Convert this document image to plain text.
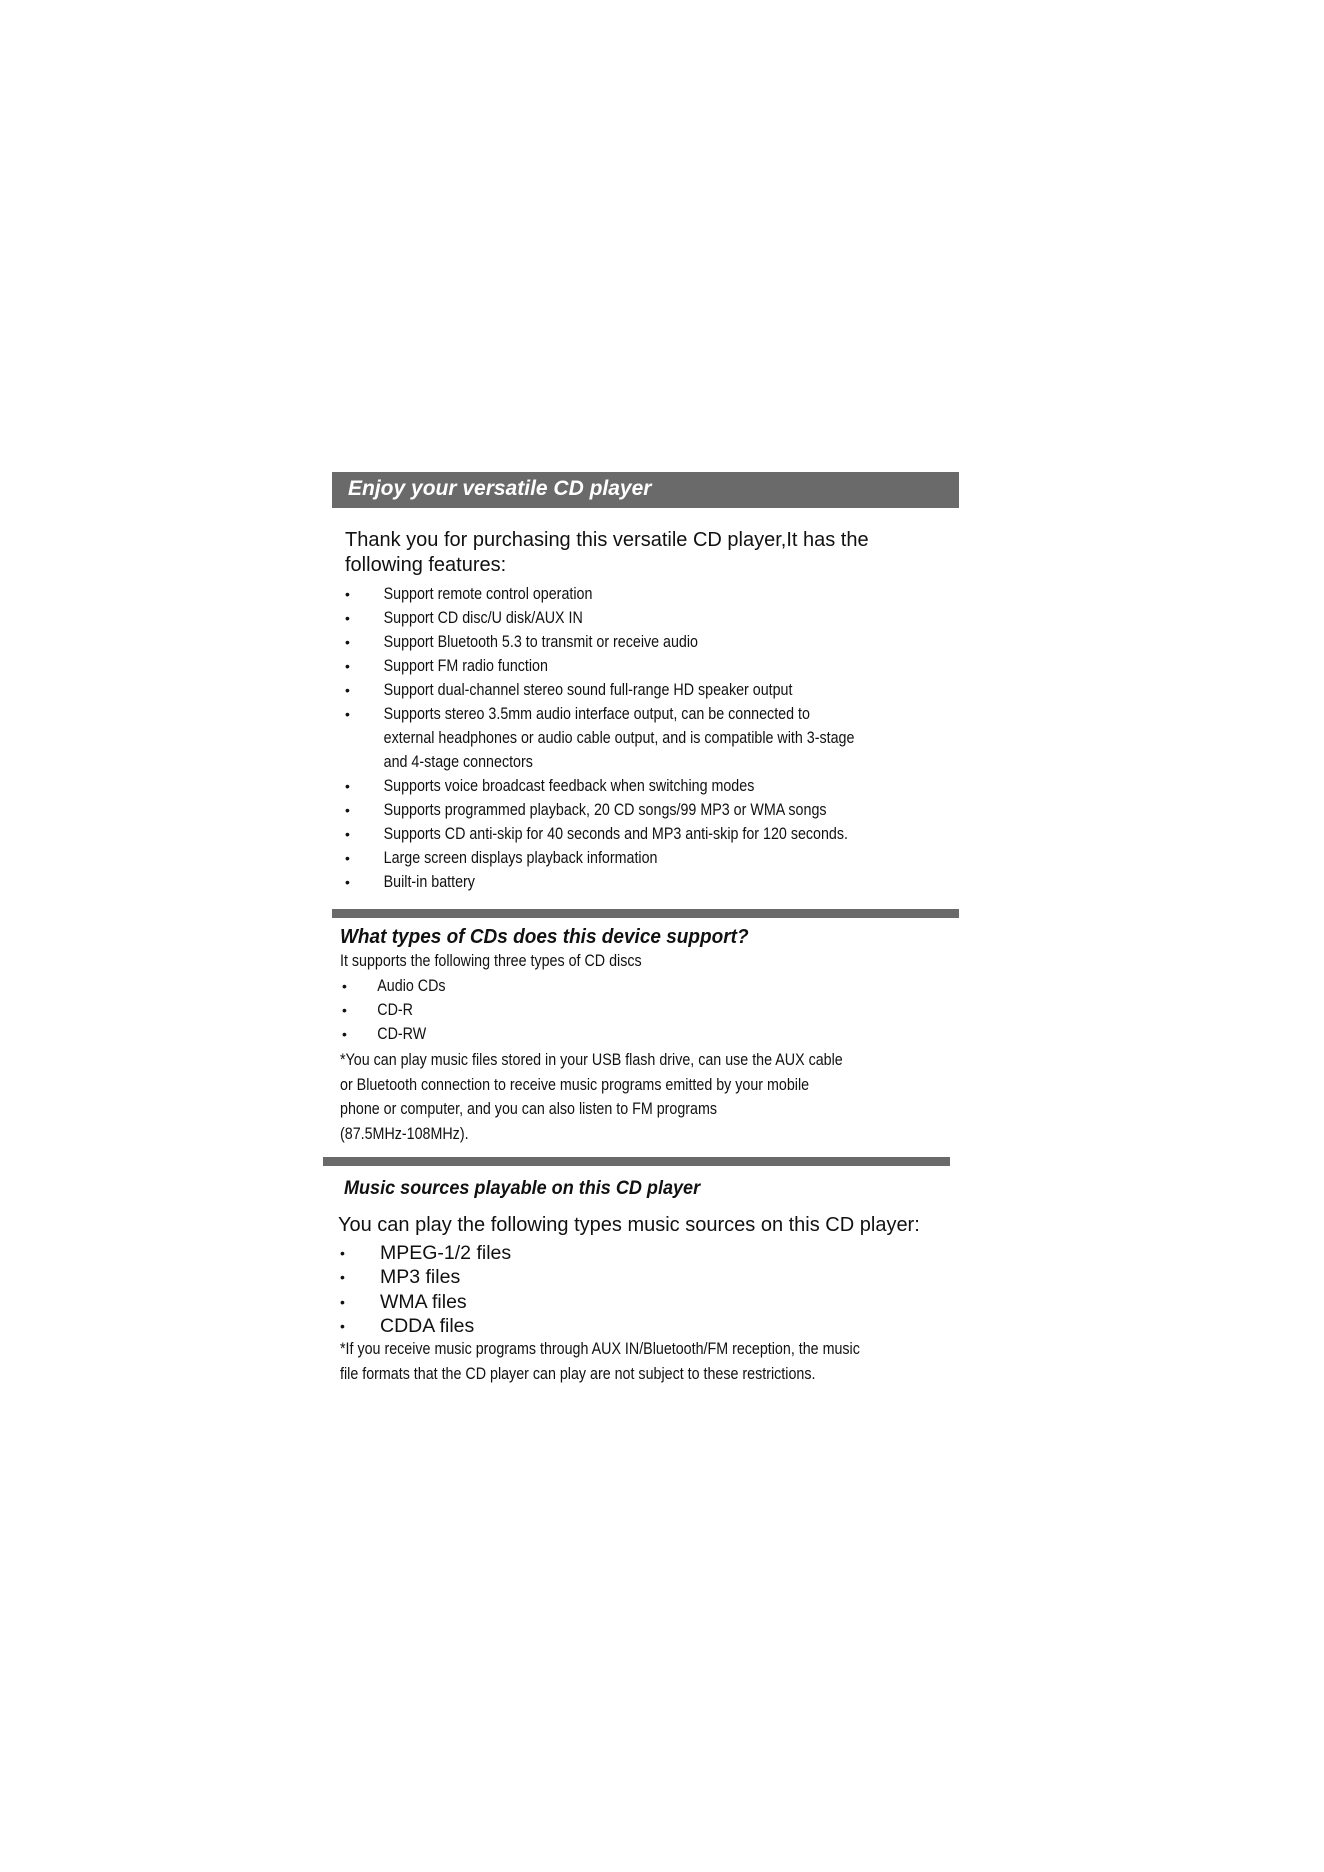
Enjoy your versatile CD player
Thank you for purchasing this versatile CD player,It has the following features:
• Support remote control operation
• Support CD disc/U disk/AUX IN
• Support Bluetooth 5.3 to transmit or receive audio
• Support FM radio function
• Support dual-channel stereo sound full-range HD speaker output
• Supports stereo 3.5mm audio interface output, can be connected to
external headphones or audio cable output, and is compatible with 3-stage
and 4-stage connectors
• Supports voice broadcast feedback when switching modes
• Supports programmed playback, 20 CD songs/99 MP3 or WMA songs
• Supports CD anti-skip for 40 seconds and MP3 anti-skip for 120 seconds.
• Large screen displays playback information
• Built-in battery
What types of CDs does this device support?

It supports the following three types of CD discs

• Audio CDs
• CD-R
• CD-RW
*You can play music files stored in your USB flash drive, can use the AUX cable
or Bluetooth connection to receive music programs emitted by your mobile
phone or computer, and you can also listen to FM programs
(87.5MHz-108MHz).
Music sources playable on this CD player
You can play the following types music sources on this CD player:
• MPEG-1/2 files
• MP3 files
• WMA files
• CDDA files
*If you receive music programs through AUX IN/Bluetooth/FM reception, the music
file formats that the CD player can play are not subject to these restrictions.
